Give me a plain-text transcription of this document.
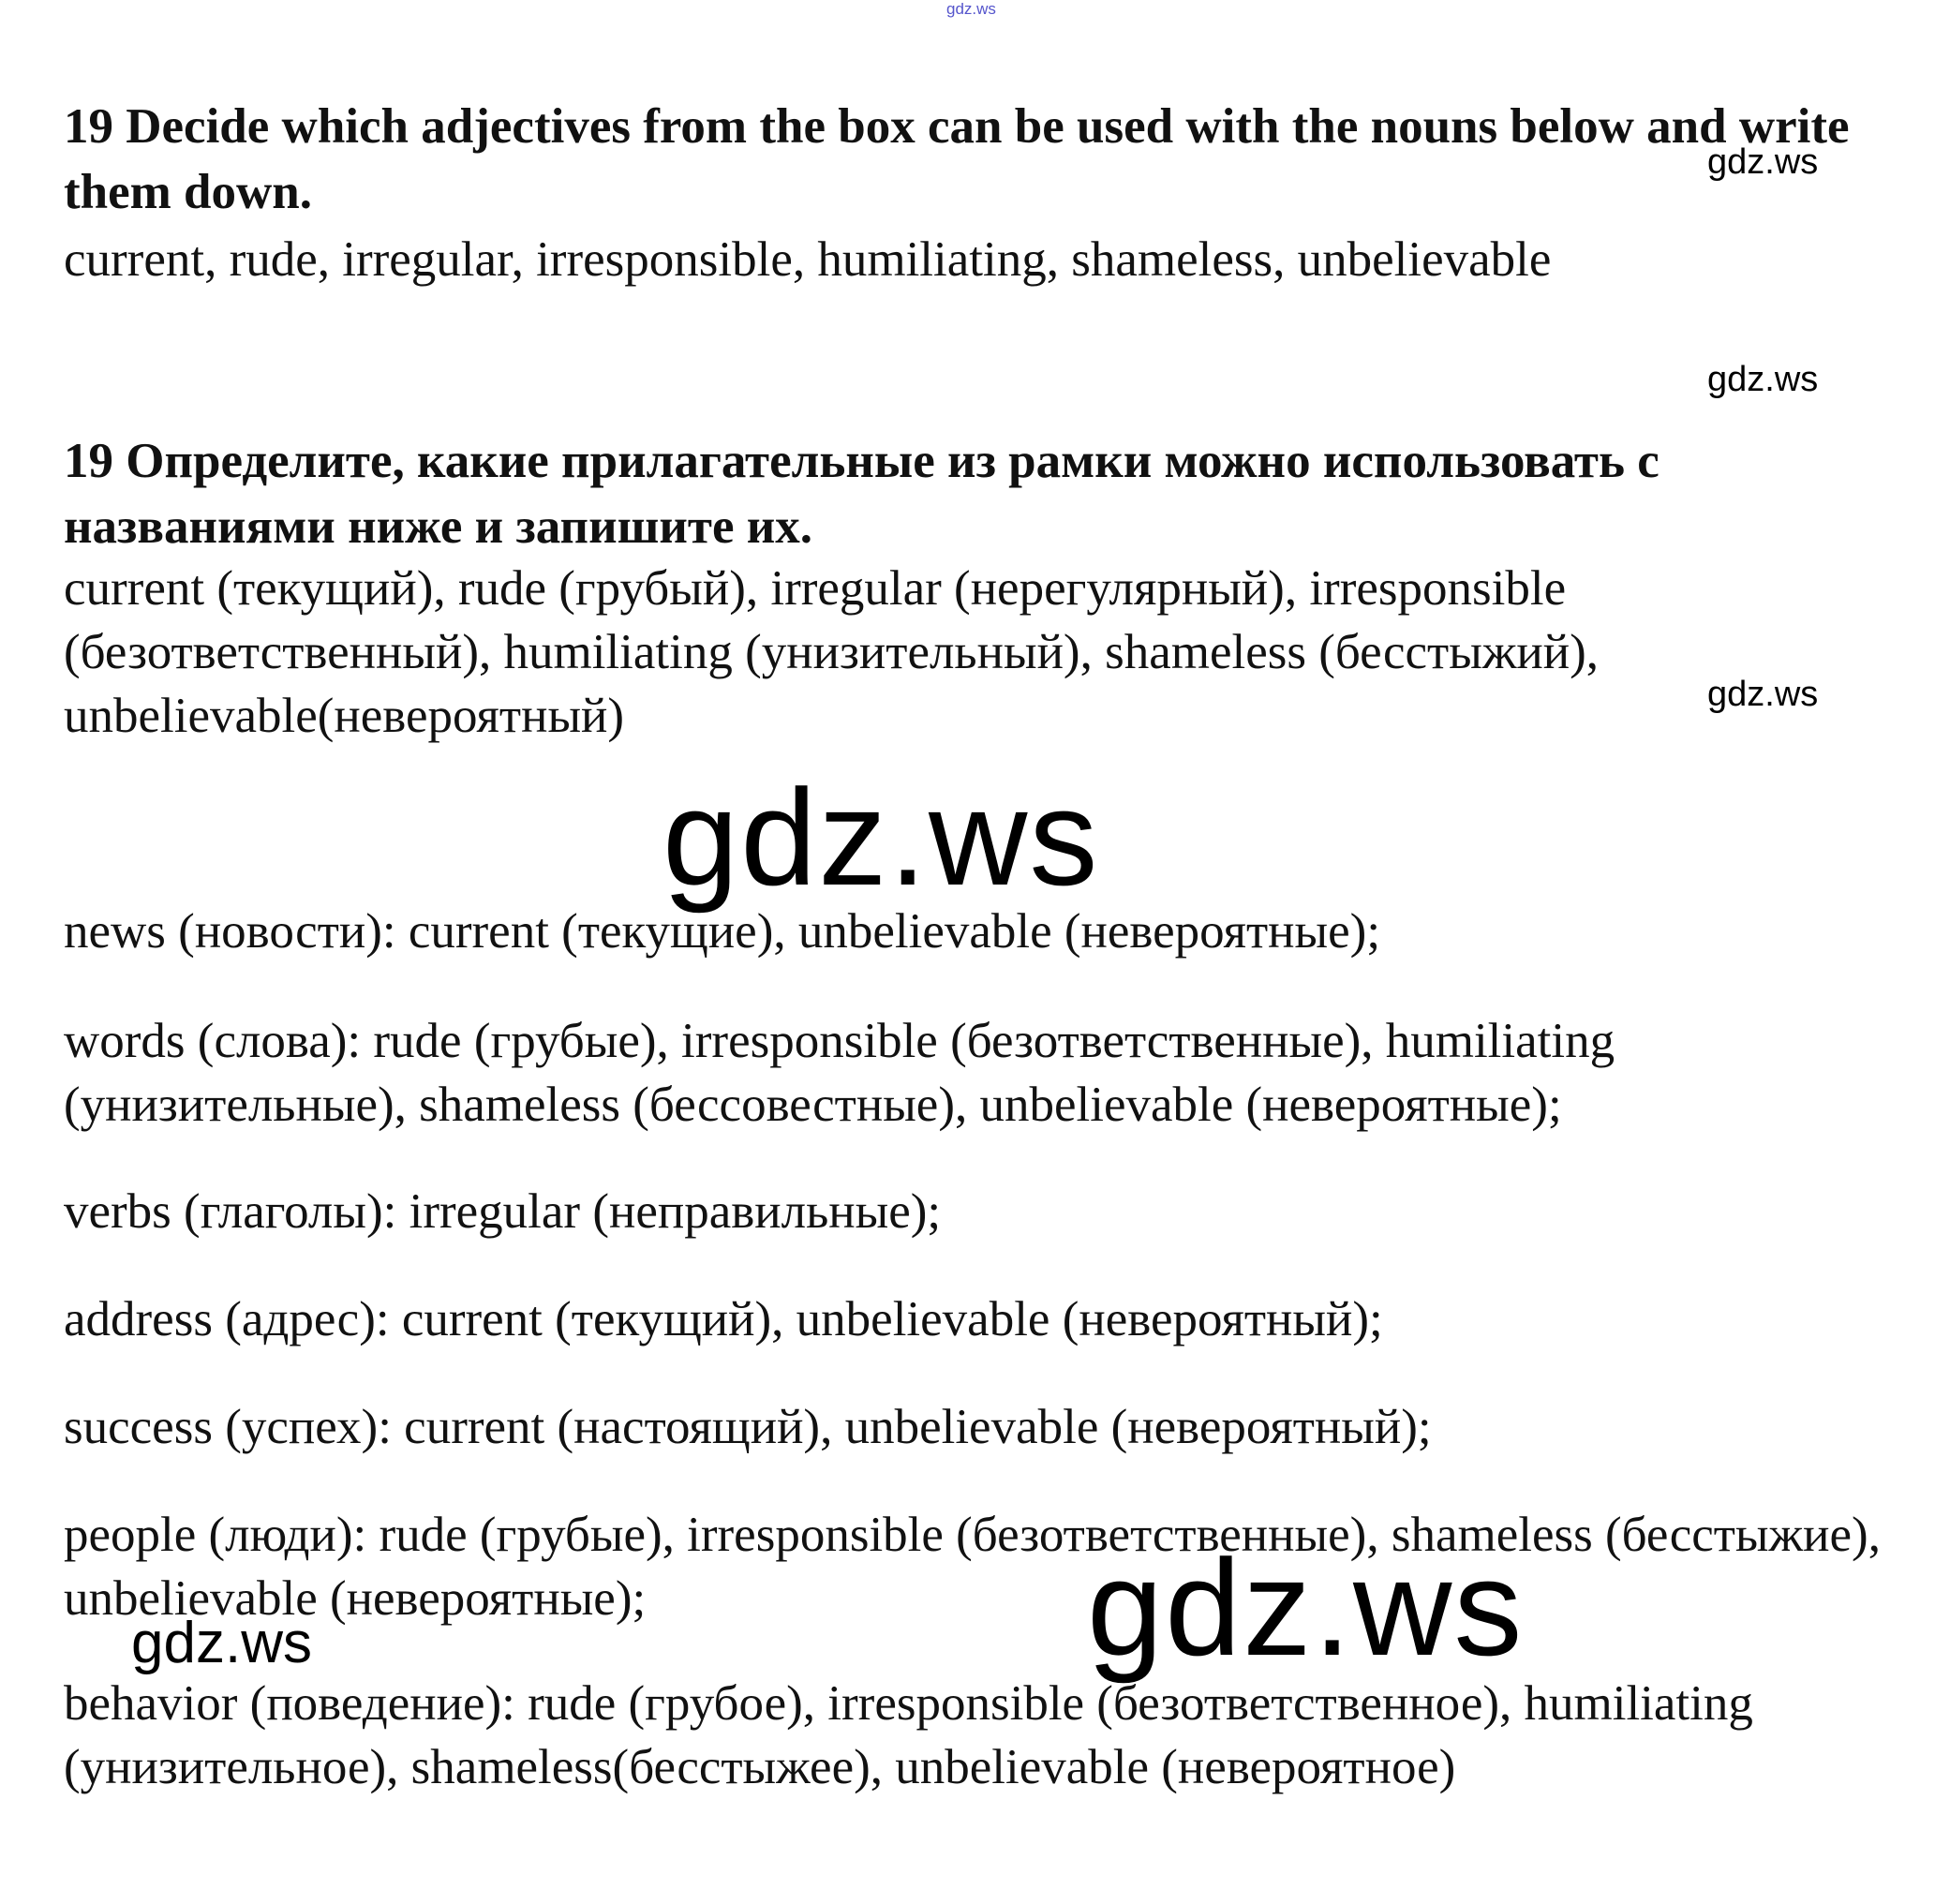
gdz.ws

19 Decide which adjectives from the box can be used with the nouns below and write them down.

gdz.ws

current, rude, irregular, irresponsible, humiliating, shameless, unbelievable

gdz.ws

19 Определите, какие прилагательные из рамки можно использовать с названиями ниже и запишите их.

current (текущий), rude (грубый), irregular (нерегулярный), irresponsible (безответственный), humiliating (унизительный), shameless (бесстыжий), unbelievable(невероятный)	gdz.ws
gdz.ws

news (новости): current (текущие), unbelievable (невероятные);

words (слова): rude (грубые), irresponsible (безответственные), humiliating (унизительные), shameless (бессовестные), unbelievable (невероятные);

verbs (глаголы): irregular (неправильные);

address (адрес): current (текущий), unbelievable (невероятный);

success (успех): current (настоящий), unbelievable (невероятный);

people (люди): rude (грубые), irresponsible (безответственные), shameless (бесстыжие), unbelievable (невероятные);	gdz.ws
gdz.ws

behavior (поведение): rude (грубое), irresponsible (безответственное), humiliating (унизительное), shameless(бесстыжее), unbelievable (невероятное)
